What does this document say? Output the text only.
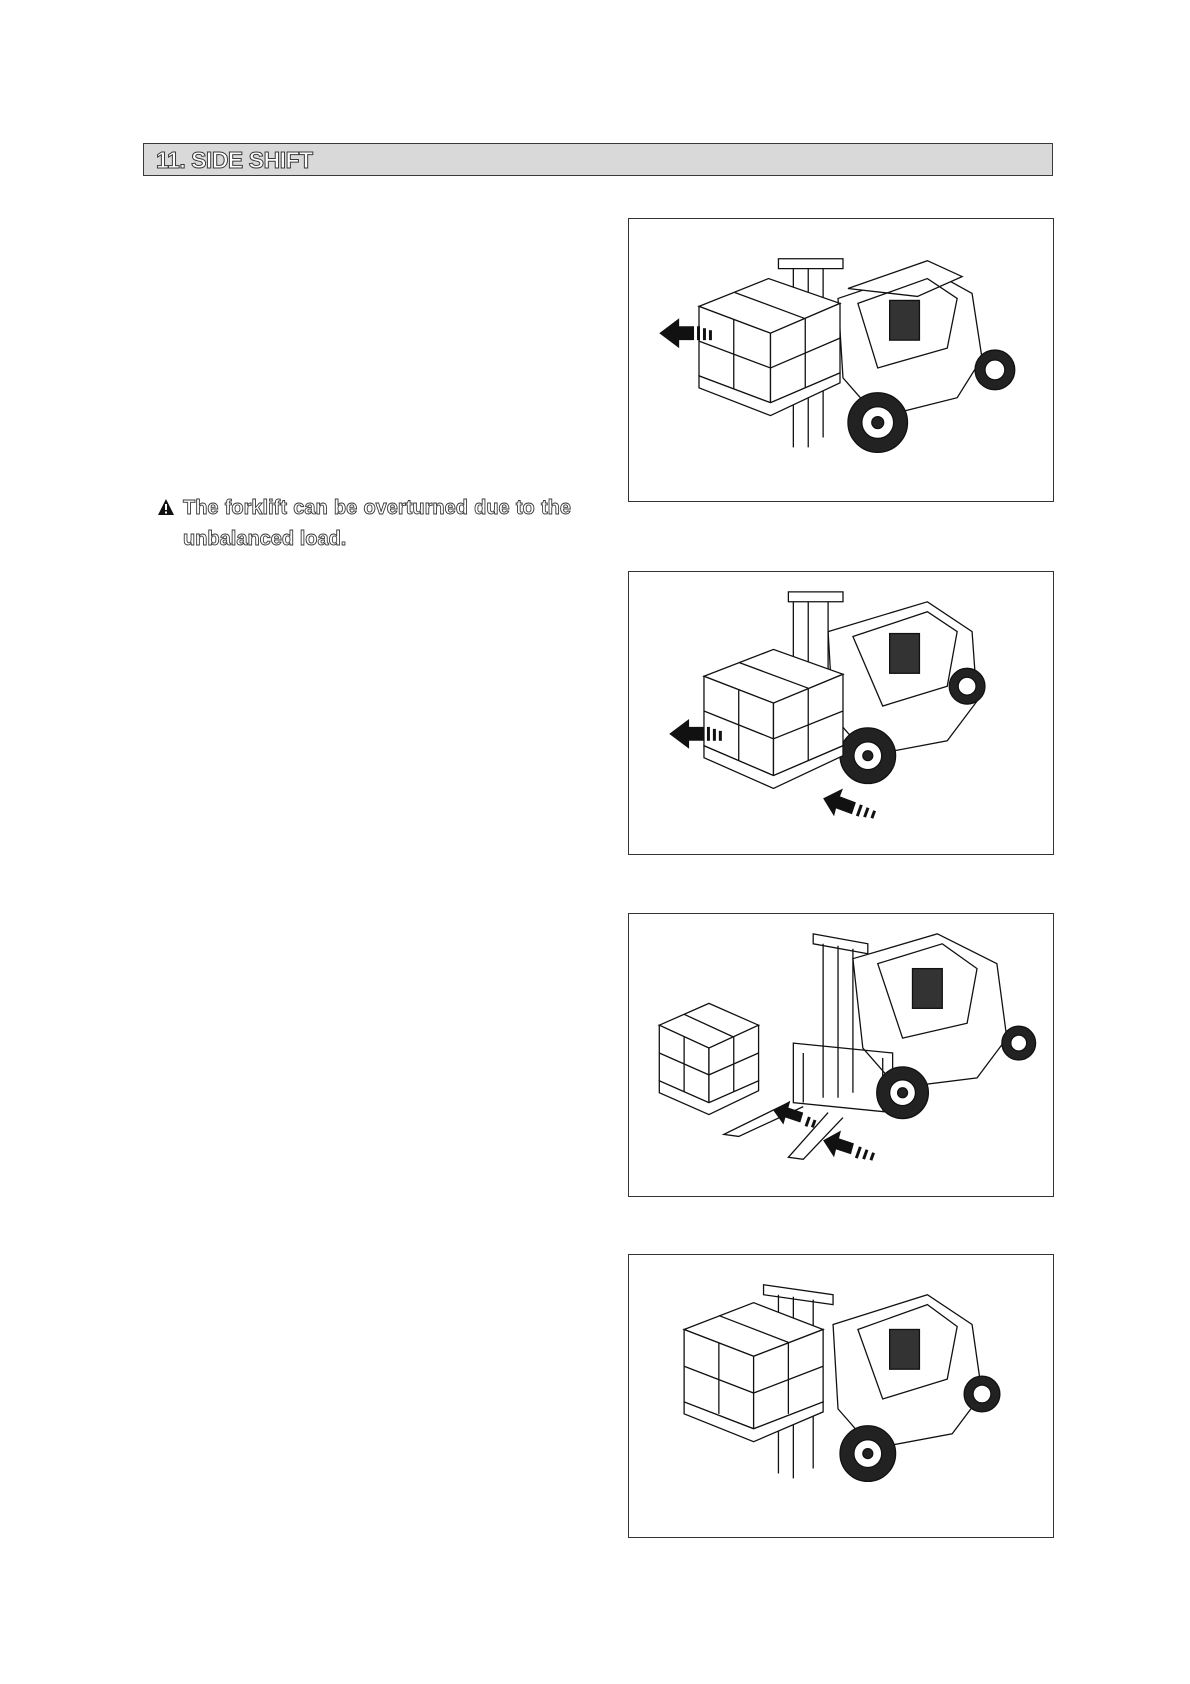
11. SIDE SHIFT
The forklift can be overturned due to the
unbalanced load.
